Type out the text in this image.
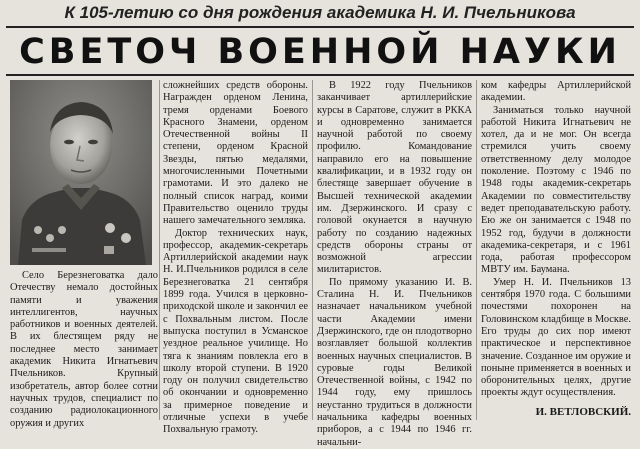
К 105-летию со дня рождения академика Н. И. Пчельникова
СВЕТОЧ ВОЕННОЙ НАУКИ

Село Березнеговатка дало Отечеству немало достойных памяти и уважения интеллигентов, научных работников и военных деятелей. В их блестящем ряду не последнее место занимает академик Никита Игнатьевич Пчельников. Крупный изобретатель, автор более сотни научных трудов, специалист по созданию радиолокационного оружия и других

сложнейших средств обороны. Награжден орденом Ленина, тремя орденами Боевого Красного Знамени, орденом Отечественной войны II степени, орденом Красной Звезды, пятью медалями, многочисленными Почетными грамотами. И это далеко не полный список наград, коими Правительство оценило труды нашего замечательного земляка.

Доктор технических наук, профессор, академик-секретарь Артиллерийской академии наук Н. И.Пчельников родился в селе Березнеговатка 21 сентября 1899 года. Учился в церковно-приходской школе и закончил ее с Похвальным листом. После выпуска поступил в Усманское уездное реальное училище. Но тяга к знаниям повлекла его в школу второй ступени. В 1920 году он получил свидетельство об окончании и одновременно за примерное поведение и отличные успехи в учебе Похвальную грамоту.

В 1922 году Пчельников заканчивает артиллерийские курсы в Саратове, служит в РККА и одновременно занимается научной работой по своему профилю. Командование направило его на повышение квалификации, и в 1932 году он блестяще завершает обучение в Высшей технической академии им. Дзержинского. И сразу с головой окунается в научную работу по созданию надежных средств обороны страны от возможной агрессии милитаристов.

По прямому указанию И. В. Сталина Н. И. Пчельников назначает начальником учебной части Академии имени Дзержинского, где он плодотворно возглавляет большой коллектив военных научных специалистов. В суровые годы Великой Отечественной войны, с 1942 по 1944 году, ему пришлось неустанно трудиться в должности начальника кафедры военных приборов, а с 1944 по 1946 гг. начальни-

ком кафедры Артиллерийской академии.

Заниматься только научной работой Никита Игнатьевич не хотел, да и не мог. Он всегда стремился учить своему ответственному делу молодое поколение. Поэтому с 1946 по 1948 годы академик-секретарь Академии по совместительству ведет преподавательскую работу. Ею же он занимается с 1948 по 1952 год, будучи в должности академика-секретаря, и с 1961 года, работая профессором МВТУ им. Баумана.

Умер Н. И. Пчельников 13 сентября 1970 года. С большими почестями похоронен на Головинском кладбище в Москве. Его труды до сих пор имеют практическое и перспективное значение. Созданное им оружие и поныне применяется в военных и оборонительных целях, другие проекты ждут осуществления.

И. ВЕТЛОВСКИЙ.
